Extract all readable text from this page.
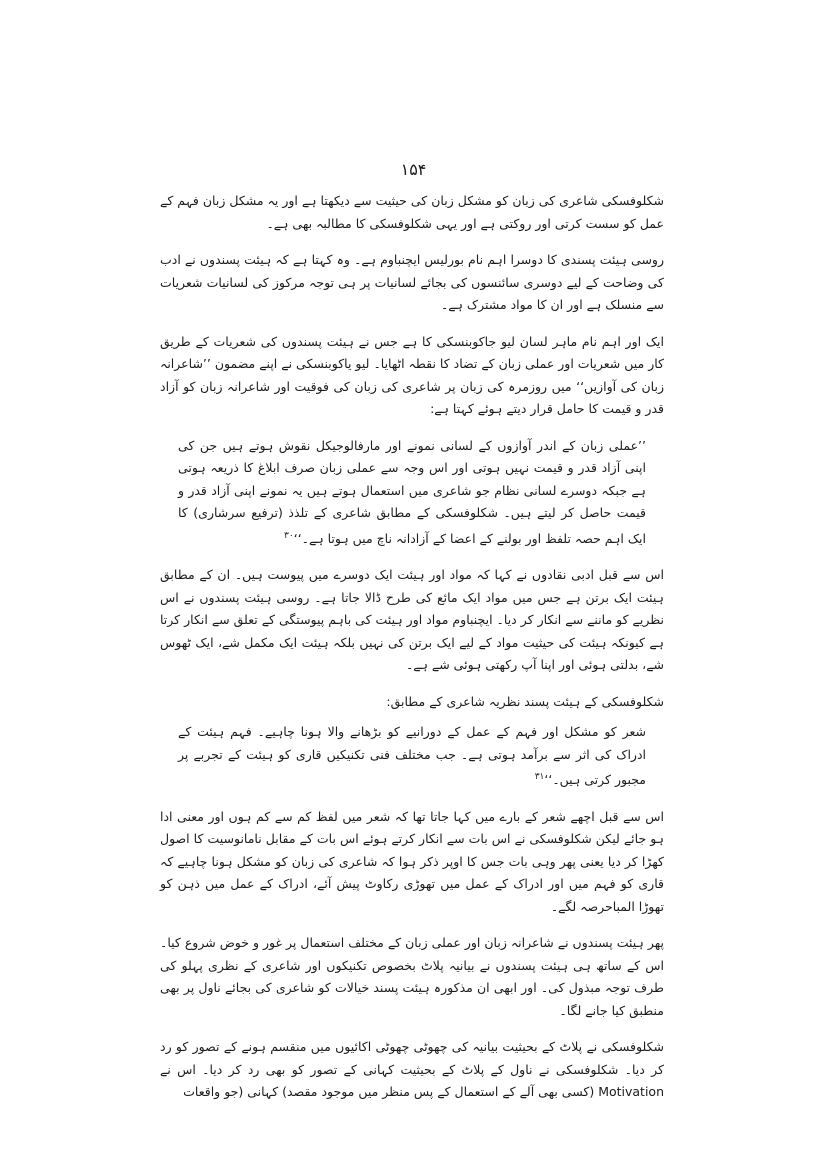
۱۵۴

شکلوفسکی شاعری کی زبان کو مشکل زبان کی حیثیت سے دیکھتا ہے اور یہ مشکل زبان فہم کے عمل کو سست کرتی اور روکتی ہے اور یہی شکلوفسکی کا مطالبہ بھی ہے۔

روسی ہیئت پسندی کا دوسرا اہم نام بورلیس ایچنباوم ہے۔ وہ کہتا ہے کہ ہیئت پسندوں نے ادب کی وضاحت کے لیے دوسری سائنسوں کی بجائے لسانیات پر ہی توجہ مرکوز کی لسانیات شعریات سے منسلک ہے اور ان کا مواد مشترک ہے۔

ایک اور اہم نام ماہر لسان لیو جاکوبنسکی کا ہے جس نے ہیئت پسندوں کی شعریات کے طریق کار میں شعریات اور عملی زبان کے تضاد کا نقطہ اٹھایا۔ لیو یاکوبنسکی نے اپنے مضمون ’’شاعرانہ زبان کی آوازیں‘‘ میں روزمرہ کی زبان پر شاعری کی زبان کی فوقیت اور شاعرانہ زبان کو آزاد قدر و قیمت کا حامل قرار دیتے ہوئے کہتا ہے:

’’عملی زبان کے اندر آوازوں کے لسانی نمونے اور مارفالوجیکل نقوش ہوتے ہیں جن کی اپنی آزاد قدر و قیمت نہیں ہوتی اور اس وجہ سے عملی زبان صرف ابلاغ کا ذریعہ ہوتی ہے جبکہ دوسرے لسانی نظام جو شاعری میں استعمال ہوتے ہیں یہ نمونے اپنی آزاد قدر و قیمت حاصل کر لیتے ہیں۔ شکلوفسکی کے مطابق شاعری کے تلذذ (ترفیع سرشاری) کا ایک اہم حصہ تلفظ اور بولنے کے اعضا کے آزادانہ ناچ میں ہوتا ہے۔‘‘$^{۳۰}$

اس سے قبل ادبی نقادوں نے کہا کہ مواد اور ہیئت ایک دوسرے میں پیوست ہیں۔ ان کے مطابق ہیئت ایک برتن ہے جس میں مواد ایک مائع کی طرح ڈالا جاتا ہے۔ روسی ہیئت پسندوں نے اس نظریے کو ماننے سے انکار کر دیا۔ ایچنباوم مواد اور ہیئت کی باہم پیوستگی کے تعلق سے انکار کرتا ہے کیونکہ ہیئت کی حیثیت مواد کے لیے ایک برتن کی نہیں بلکہ ہیئت ایک مکمل شے، ایک ٹھوس شے، بدلتی ہوئی اور اپنا آپ رکھتی ہوئی شے ہے۔

شکلوفسکی کے ہیئت پسند نظریہ شاعری کے مطابق:

شعر کو مشکل اور فہم کے عمل کے دورانیے کو بڑھانے والا ہونا چاہیے۔ فہم ہیئت کے ادراک کی اثر سے برآمد ہوتی ہے۔ جب مختلف فنی تکنیکیں قاری کو ہیئت کے تجربے پر مجبور کرتی ہیں۔‘‘$^{۳۱}$

اس سے قبل اچھے شعر کے بارے میں کہا جاتا تھا کہ شعر میں لفظ کم سے کم ہوں اور معنی ادا ہو جائے لیکن شکلوفسکی نے اس بات سے انکار کرتے ہوئے اس بات کے مقابل نامانوسیت کا اصول کھڑا کر دیا یعنی پھر وہی بات جس کا اوپر ذکر ہوا کہ شاعری کی زبان کو مشکل ہونا چاہیے کہ قاری کو فہم میں اور ادراک کے عمل میں تھوڑی رکاوٹ پیش آئے، ادراک کے عمل میں ذہن کو تھوڑا المباحرصہ لگے۔

پھر ہیئت پسندوں نے شاعرانہ زبان اور عملی زبان کے مختلف استعمال پر غور و خوض شروع کیا۔ اس کے ساتھ ہی ہیئت پسندوں نے بیانیہ پلاٹ بخصوص تکنیکوں اور شاعری کے نظری پہلو کی طرف توجہ مبذول کی۔ اور ابھی ان مذکورہ ہیئت پسند خیالات کو شاعری کی بجائے ناول پر بھی منطبق کیا جانے لگا۔

شکلوفسکی نے پلاٹ کے بحیثیت بیانیہ کی چھوٹی چھوٹی اکائیوں میں منقسم ہونے کے تصور کو رد کر دیا۔ شکلوفسکی نے ناول کے پلاٹ کے بحیثیت کہانی کے تصور کو بھی رد کر دیا۔ اس نے Motivation (کسی بھی آلے کے استعمال کے پس منظر میں موجود مقصد) کہانی (جو واقعات
